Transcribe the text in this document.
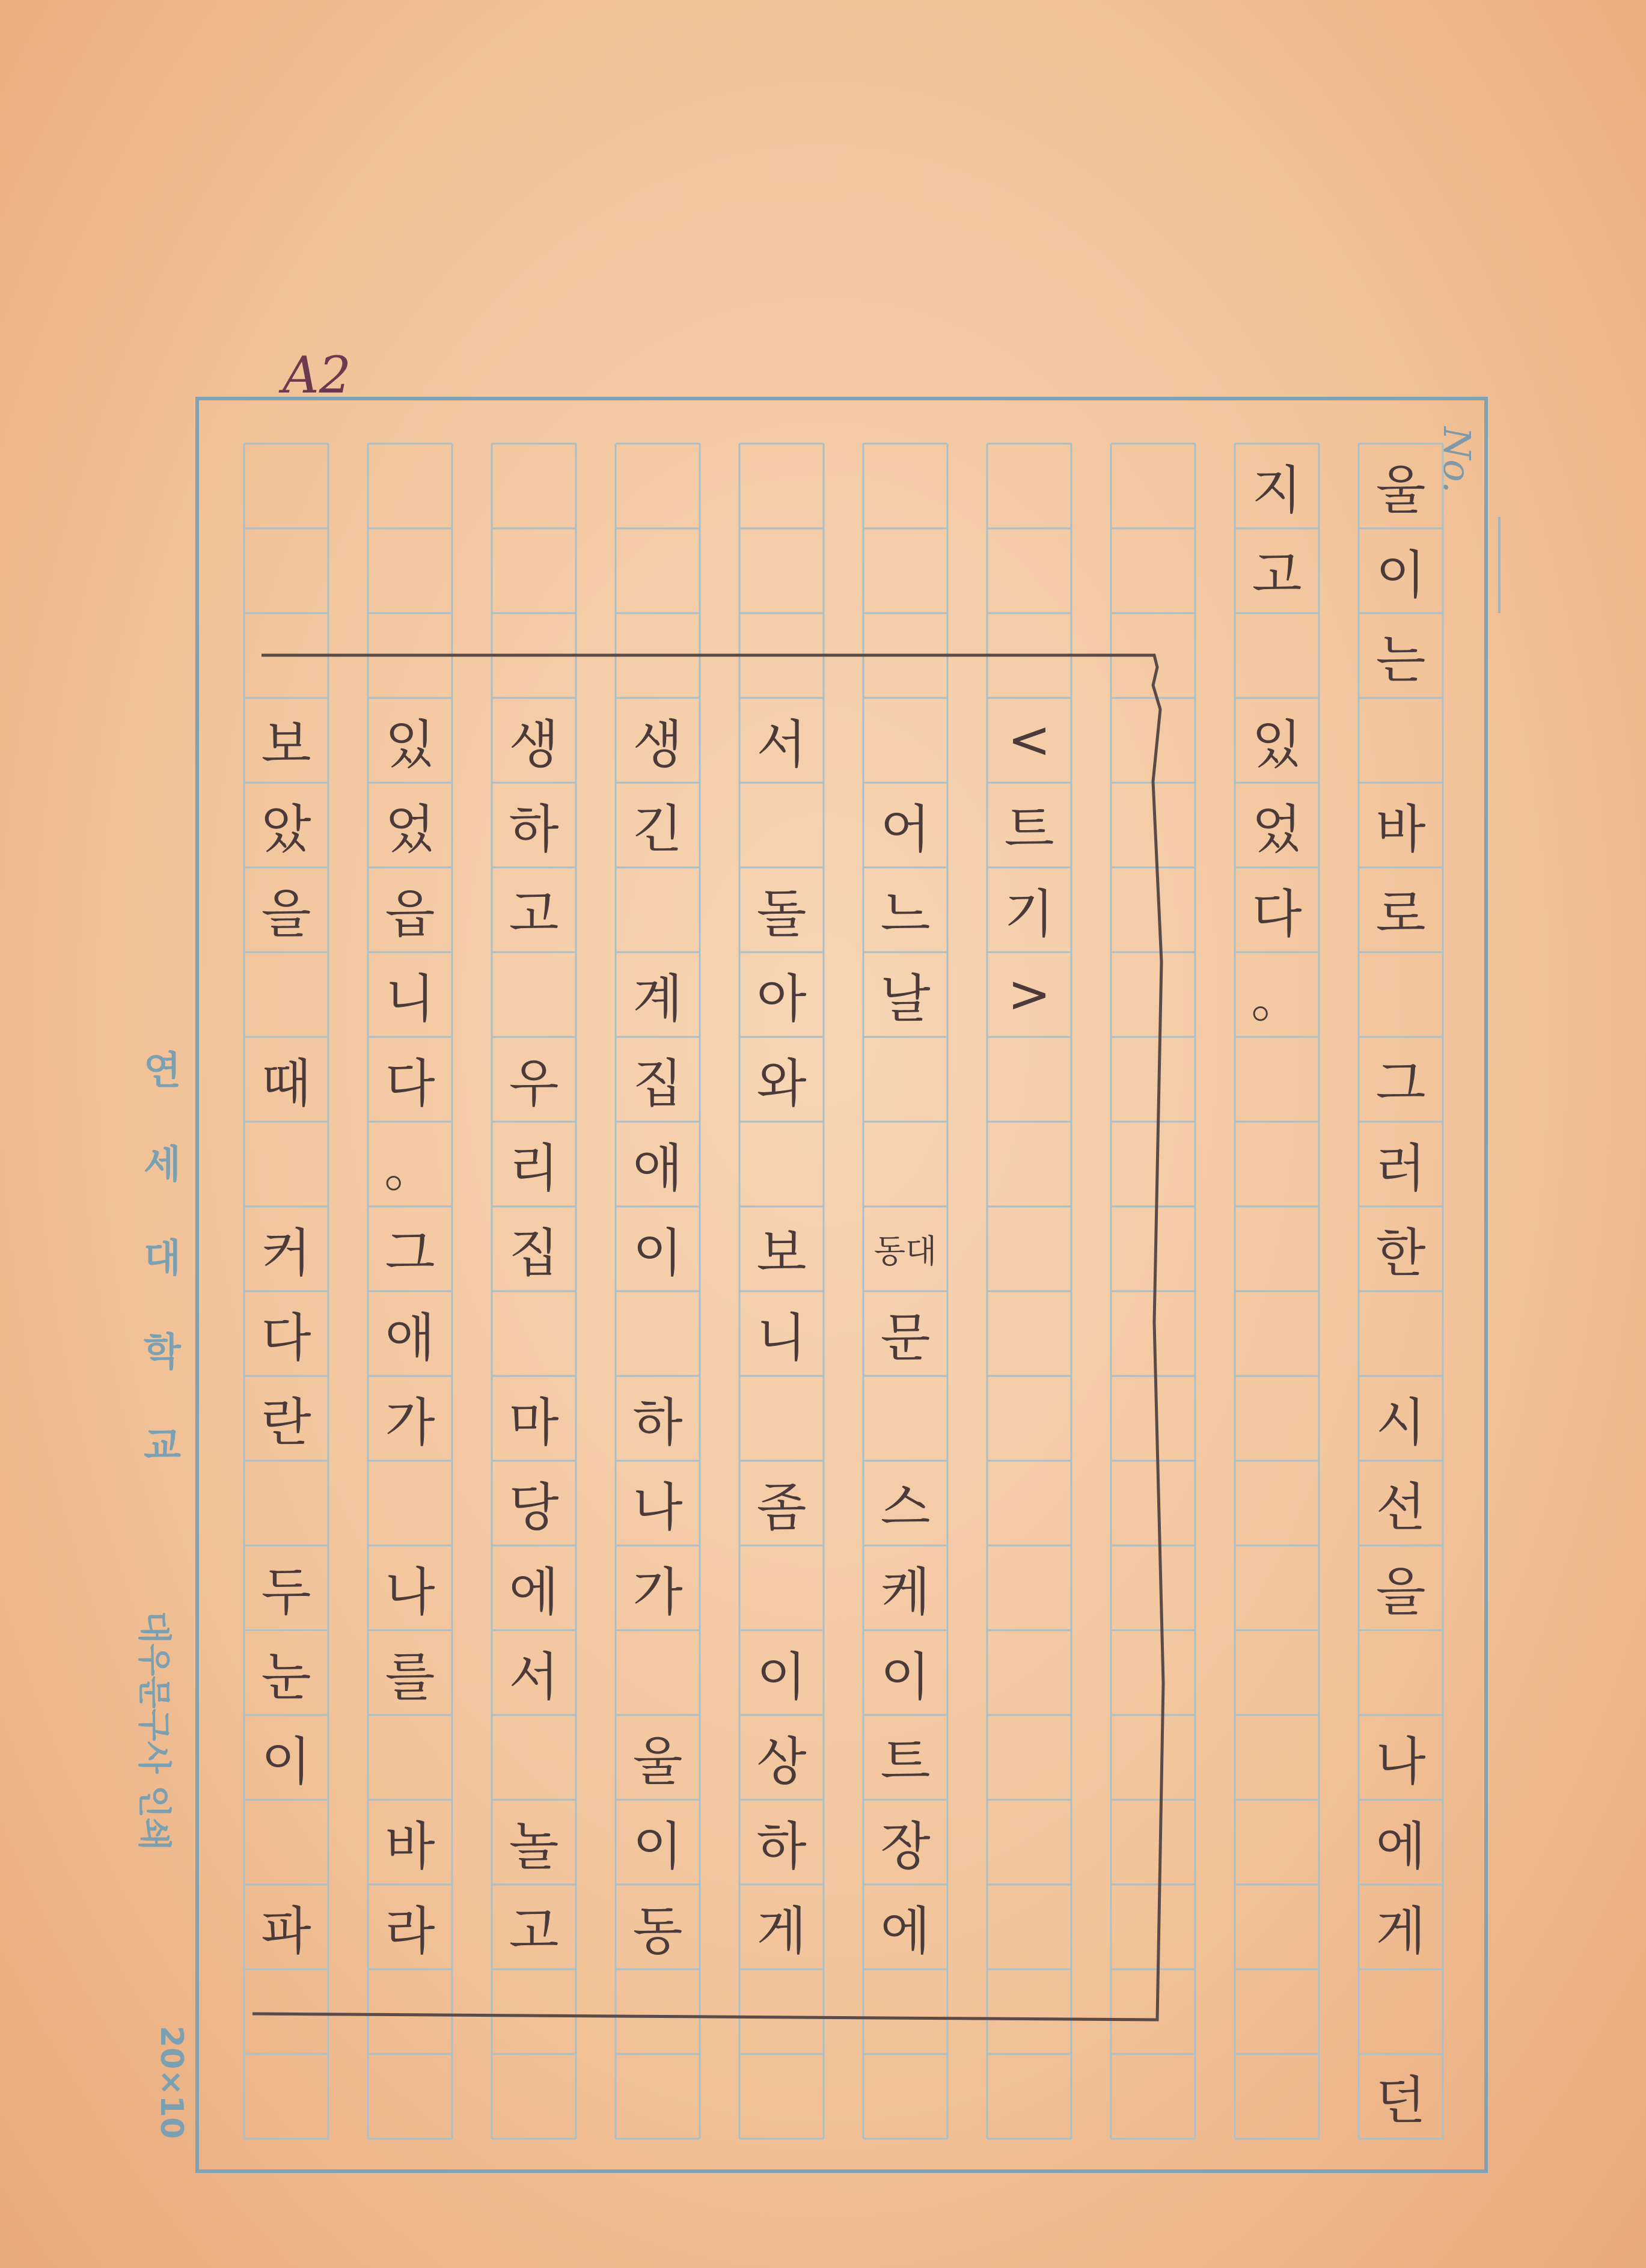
A2
No.
울
이
는
바
로
그
러
한
시
선
을
나
에
게
던
지
고
있
었
다
。
<
트
기
>
어
느
날
동대
문
스
케
이
트
장
에
서
돌
아
와
보
니
좀
이
상
하
게
생
긴
계
집
애
이
하
나
가
울
이
동
생
하
고
우
리
집
마
당
에
서
놀
고
있
었
읍
니
다
。
그
애
가
나
를
바
라
보
았
을
때
커
다
란
두
눈
이
파
연
세
대
학
교
대우문구사 인쇄
20×10
